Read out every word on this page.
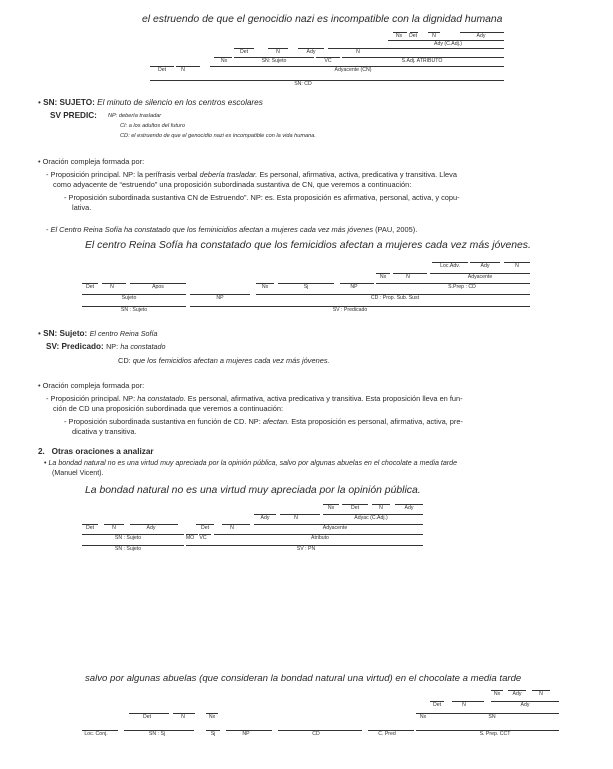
el estruendo de que el genocidio nazi es incompatible con la dignidad humana
Nx	Det	N	Ady
Ady (C.Adj.)
Det	N	Ady	N
Nx	SN: Sujeto	VC	S.Adj. ATRIBUTO
Det	N	Adyacente (CN)
SN: CD
• SN: SUJETO: El minuto de silencio en los centros escolares
SV PREDIC: NP: debería trasladar
CI: a los adultos del futuro
CD: el estruendo de que el genocidio nazi es incompatible con la vida humana.
• Oración compleja formada por:
- Proposición principal. NP: la perífrasis verbal debería trasladar. Es personal, afirmativa, activa, predicativa y transitiva. Lleva
como adyacente de “estruendo” una proposición subordinada sustantiva de CN, que veremos a continuación:
- Proposición subordinada sustantiva CN de Estruendo”. NP: es. Esta proposición es afirmativa, personal, activa, y copu-
lativa.
- El Centro Reina Sofía ha constatado que los feminicidios afectan a mujeres cada vez más jóvenes (PAU, 2005).
El centro Reina Sofía ha constatado que los femicidios afectan a mujeres cada vez más jóvenes.
Loc.Adv.	Ady	N
Nx	N	Adyacente
Det	N	Apos	Nx	Sj	NP	S.Prep : CD
Sujeto	NP	CD : Prop. Sub. Sust
SN : Sujeto	SV : Predicado
• SN: Sujeto: El centro Reina Sofía
SV: Predicado: NP: ha constatado
CD: que los femicidios afectan a mujeres cada vez más jóvenes.
• Oración compleja formada por:
- Proposición principal. NP: ha constatado. Es personal, afirmativa, activa predicativa y transitiva. Esta proposición lleva en fun-
ción de CD una proposición subordinada que veremos a continuación:
- Proposición subordinada sustantiva en función de CD. NP: afectan. Esta proposición es personal, afirmativa, activa, pre-
dicativa y transitiva.
2. Otras oraciones a analizar
• La bondad natural no es una virtud muy apreciada por la opinión pública, salvo por algunas abuelas en el chocolate a media tarde
(Manuel Vicent).
La bondad natural no es una virtud muy apreciada por la opinión pública.
Nx	Det	N	Ady
Ady	N	Adyac (C.Adj.)
Det	N	Ady	Det	N	Adyacente
SN : Sujeto	MO	VC	Atributo
SN : Sujeto	SV : PN
salvo por algunas abuelas (que consideran la bondad natural una virtud) en el chocolate a media tarde
Nx	Ady	N
Det	N	Ady
Det	N	Nx	Nx	SN
Loc. Conj.	SN : Sj	Sj	NP	CD	C. Pred	S. Prep. CCT
